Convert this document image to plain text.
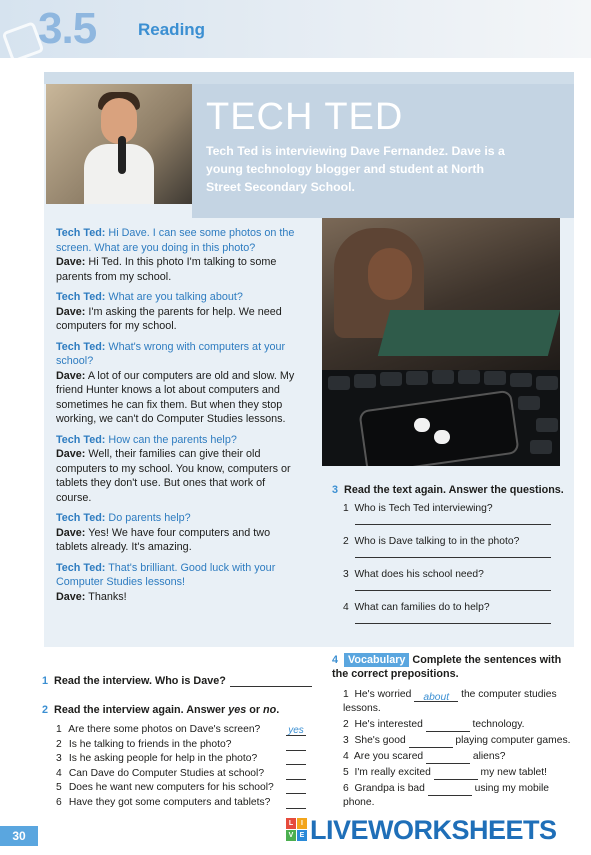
3.5 Reading
TECH TED
Tech Ted is interviewing Dave Fernandez. Dave is a young technology blogger and student at North Street Secondary School.
Tech Ted: Hi Dave. I can see some photos on the screen. What are you doing in this photo?
Dave: Hi Ted. In this photo I'm talking to some parents from my school.
Tech Ted: What are you talking about?
Dave: I'm asking the parents for help. We need computers for my school.
Tech Ted: What's wrong with computers at your school?
Dave: A lot of our computers are old and slow. My friend Hunter knows a lot about computers and sometimes he can fix them. But when they stop working, we can't do Computer Studies lessons.
Tech Ted: How can the parents help?
Dave: Well, their families can give their old computers to my school. You know, computers or tablets they don't use. But ones that work of course.
Tech Ted: Do parents help?
Dave: Yes! We have four computers and two tablets already. It's amazing.
Tech Ted: That's brilliant. Good luck with your Computer Studies lessons!
Dave: Thanks!
1 Read the interview. Who is Dave?
2 Read the interview again. Answer yes or no.
1 Are there some photos on Dave's screen?	yes
2 Is he talking to friends in the photo?
3 Is he asking people for help in the photo?
4 Can Dave do Computer Studies at school?
5 Does he want new computers for his school?
6 Have they got some computers and tablets?
3 Read the text again. Answer the questions.
1 Who is Tech Ted interviewing?
2 Who is Dave talking to in the photo?
3 What does his school need?
4 What can families do to help?
4 Vocabulary Complete the sentences with the correct prepositions.
1 He's worried about the computer studies lessons.
2 He's interested	technology.
3 She's good	playing computer games.
4 Are you scared	aliens?
5 I'm really excited	my new tablet!
6 Grandpa is bad	using my mobile phone.
30
L	I
V E LIVEWORKSHEETS
